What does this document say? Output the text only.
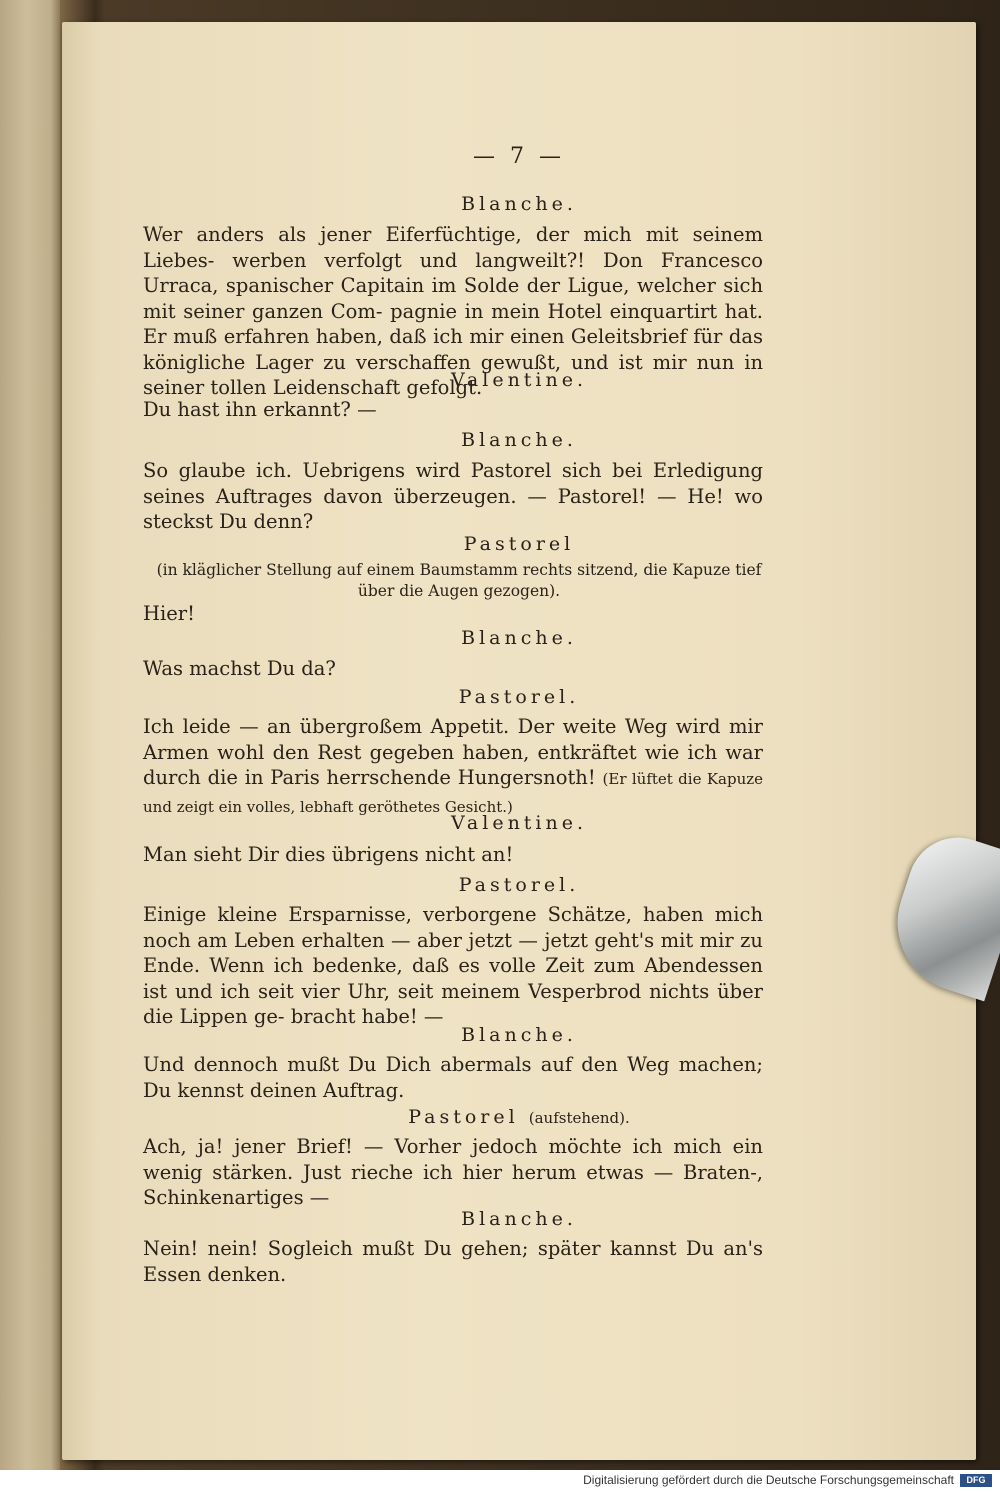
— 7 —
Blanche.
Wer anders als jener Eiferfüchtige, der mich mit seinem Liebes- werben verfolgt und langweilt?! Don Francesco Urraca, spanischer Capitain im Solde der Ligue, welcher sich mit seiner ganzen Com- pagnie in mein Hotel einquartirt hat. Er muß erfahren haben, daß ich mir einen Geleitsbrief für das königliche Lager zu verschaffen gewußt, und ist mir nun in seiner tollen Leidenschaft gefolgt.
Valentine.
Du hast ihn erkannt? —
Blanche.
So glaube ich. Uebrigens wird Pastorel sich bei Erledigung seines Auftrages davon überzeugen. — Pastorel! — He! wo steckst Du denn?
Pastorel
(in kläglicher Stellung auf einem Baumstamm rechts sitzend, die Kapuze tief über die Augen gezogen).
Hier!
Blanche.
Was machst Du da?
Pastorel.
Ich leide — an übergroßem Appetit. Der weite Weg wird mir Armen wohl den Rest gegeben haben, entkräftet wie ich war durch die in Paris herrschende Hungersnoth! (Er lüftet die Kapuze und zeigt ein volles, lebhaft geröthetes Gesicht.)
Valentine.
Man sieht Dir dies übrigens nicht an!
Pastorel.
Einige kleine Ersparnisse, verborgene Schätze, haben mich noch am Leben erhalten — aber jetzt — jetzt geht's mit mir zu Ende. Wenn ich bedenke, daß es volle Zeit zum Abendessen ist und ich seit vier Uhr, seit meinem Vesperbrod nichts über die Lippen ge- bracht habe! —
Blanche.
Und dennoch mußt Du Dich abermals auf den Weg machen; Du kennst deinen Auftrag.
Pastorel (aufstehend).
Ach, ja! jener Brief! — Vorher jedoch möchte ich mich ein wenig stärken. Just rieche ich hier herum etwas — Braten-, Schinkenartiges —
Blanche.
Nein! nein! Sogleich mußt Du gehen; später kannst Du an's Essen denken.
Digitalisierung gefördert durch die Deutsche Forschungsgemeinschaft	DFG
